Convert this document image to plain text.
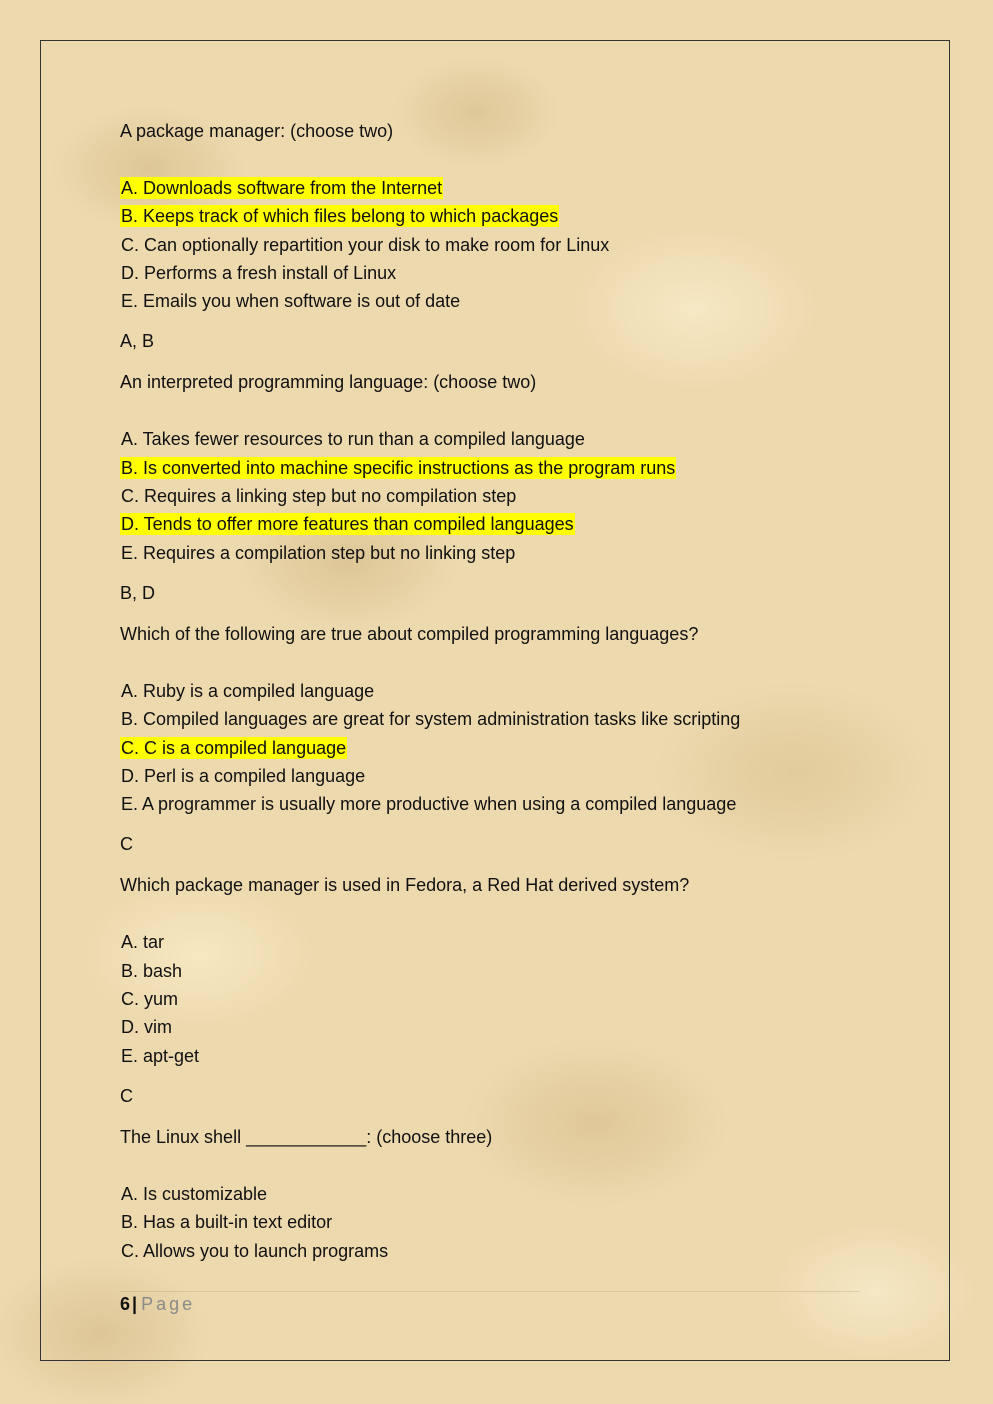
A package manager: (choose two)
A. Downloads software from the Internet
B. Keeps track of which files belong to which packages
C. Can optionally repartition your disk to make room for Linux
D. Performs a fresh install of Linux
E. Emails you when software is out of date
A, B
An interpreted programming language: (choose two)
A. Takes fewer resources to run than a compiled language
B. Is converted into machine specific instructions as the program runs
C. Requires a linking step but no compilation step
D. Tends to offer more features than compiled languages
E. Requires a compilation step but no linking step
B, D
Which of the following are true about compiled programming languages?
A. Ruby is a compiled language
B. Compiled languages are great for system administration tasks like scripting
C. C is a compiled language
D. Perl is a compiled language
E. A programmer is usually more productive when using a compiled language
C
Which package manager is used in Fedora, a Red Hat derived system?
A. tar
B. bash
C. yum
D. vim
E. apt-get
C
The Linux shell ____________: (choose three)
A. Is customizable
B. Has a built-in text editor
C. Allows you to launch programs
6 | Page
